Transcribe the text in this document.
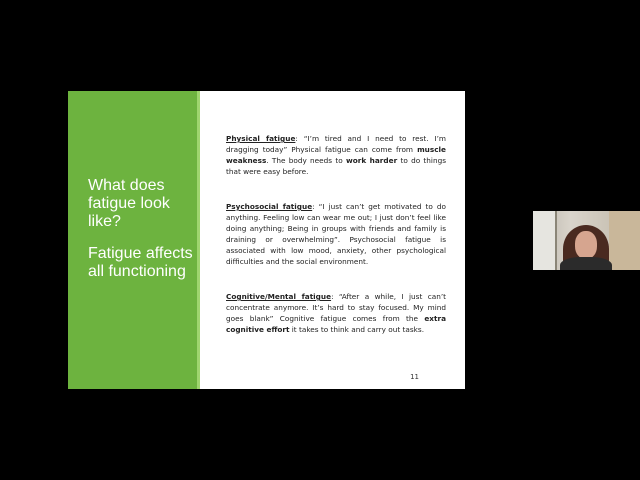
What does fatigue look like?

Fatigue affects all functioning

Physical fatigue: “I’m tired and I need to rest. I’m dragging today” Physical fatigue can come from muscle weakness. The body needs to work harder to do things that were easy before.

Psychosocial fatigue: “I just can’t get motivated to do anything. Feeling low can wear me out; I just don’t feel like doing anything; Being in groups with friends and family is draining or overwhelming”. Psychosocial fatigue is associated with low mood, anxiety, other psychological difficulties and the social environment.

Cognitive/Mental fatigue: “After a while, I just can’t concentrate anymore. It’s hard to stay focused. My mind goes blank” Cognitive fatigue comes from the extra cognitive effort it takes to think and carry out tasks.

11
